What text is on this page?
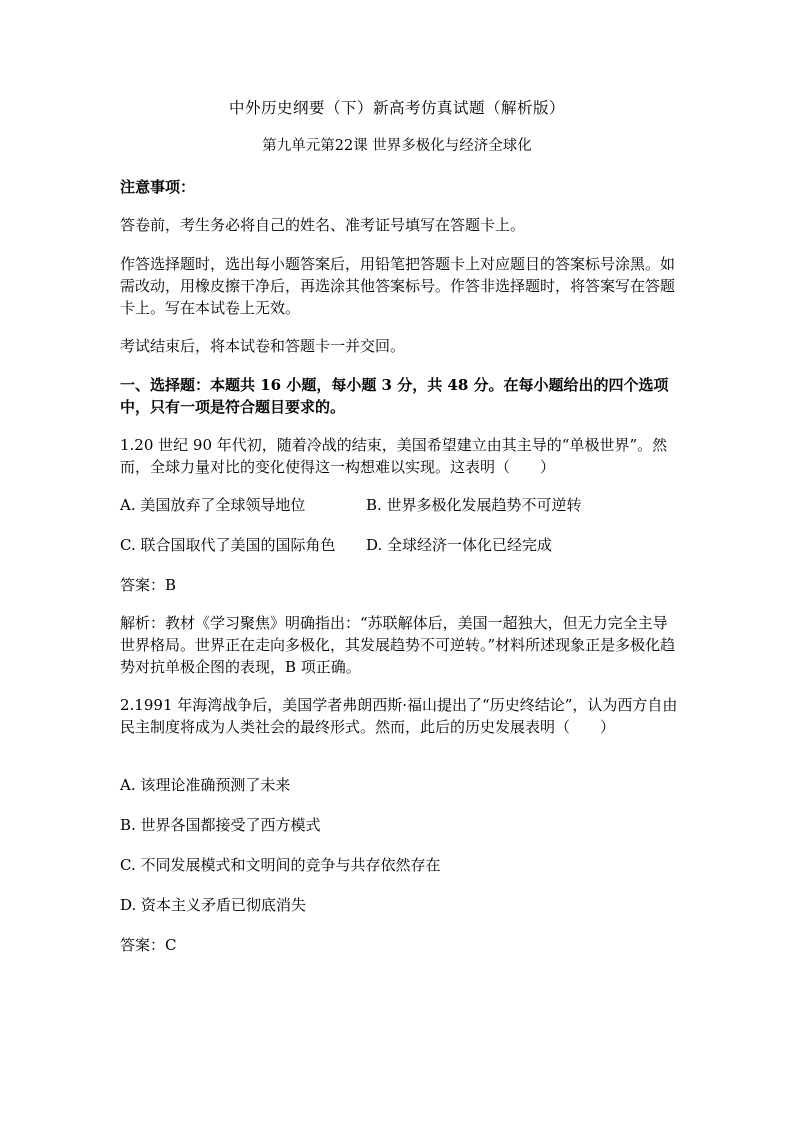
中外历史纲要（下）新高考仿真试题（解析版）
第九单元第22课 世界多极化与经济全球化
注意事项：
答卷前，考生务必将自己的姓名、准考证号填写在答题卡上。
作答选择题时，选出每小题答案后，用铅笔把答题卡上对应题目的答案标号涂黑。如需改动，用橡皮擦干净后，再选涂其他答案标号。作答非选择题时，将答案写在答题卡上。写在本试卷上无效。
考试结束后，将本试卷和答题卡一并交回。
一、选择题：本题共 16 小题，每小题 3 分，共 48 分。在每小题给出的四个选项中，只有一项是符合题目要求的。
1.20 世纪 90 年代初，随着冷战的结束，美国希望建立由其主导的“单极世界”。然而，全球力量对比的变化使得这一构想难以实现。这表明（　　）
A. 美国放弃了全球领导地位	B. 世界多极化发展趋势不可逆转
C. 联合国取代了美国的国际角色 D. 全球经济一体化已经完成
答案：B
解析：教材《学习聚焦》明确指出：“苏联解体后，美国一超独大，但无力完全主导世界格局。世界正在走向多极化，其发展趋势不可逆转。”材料所述现象正是多极化趋势对抗单极企图的表现，B 项正确。
2.1991 年海湾战争后，美国学者弗朗西斯·福山提出了“历史终结论”，认为西方自由民主制度将成为人类社会的最终形式。然而，此后的历史发展表明（　　）
A. 该理论准确预测了未来
B. 世界各国都接受了西方模式
C. 不同发展模式和文明间的竞争与共存依然存在
D. 资本主义矛盾已彻底消失
答案：C
